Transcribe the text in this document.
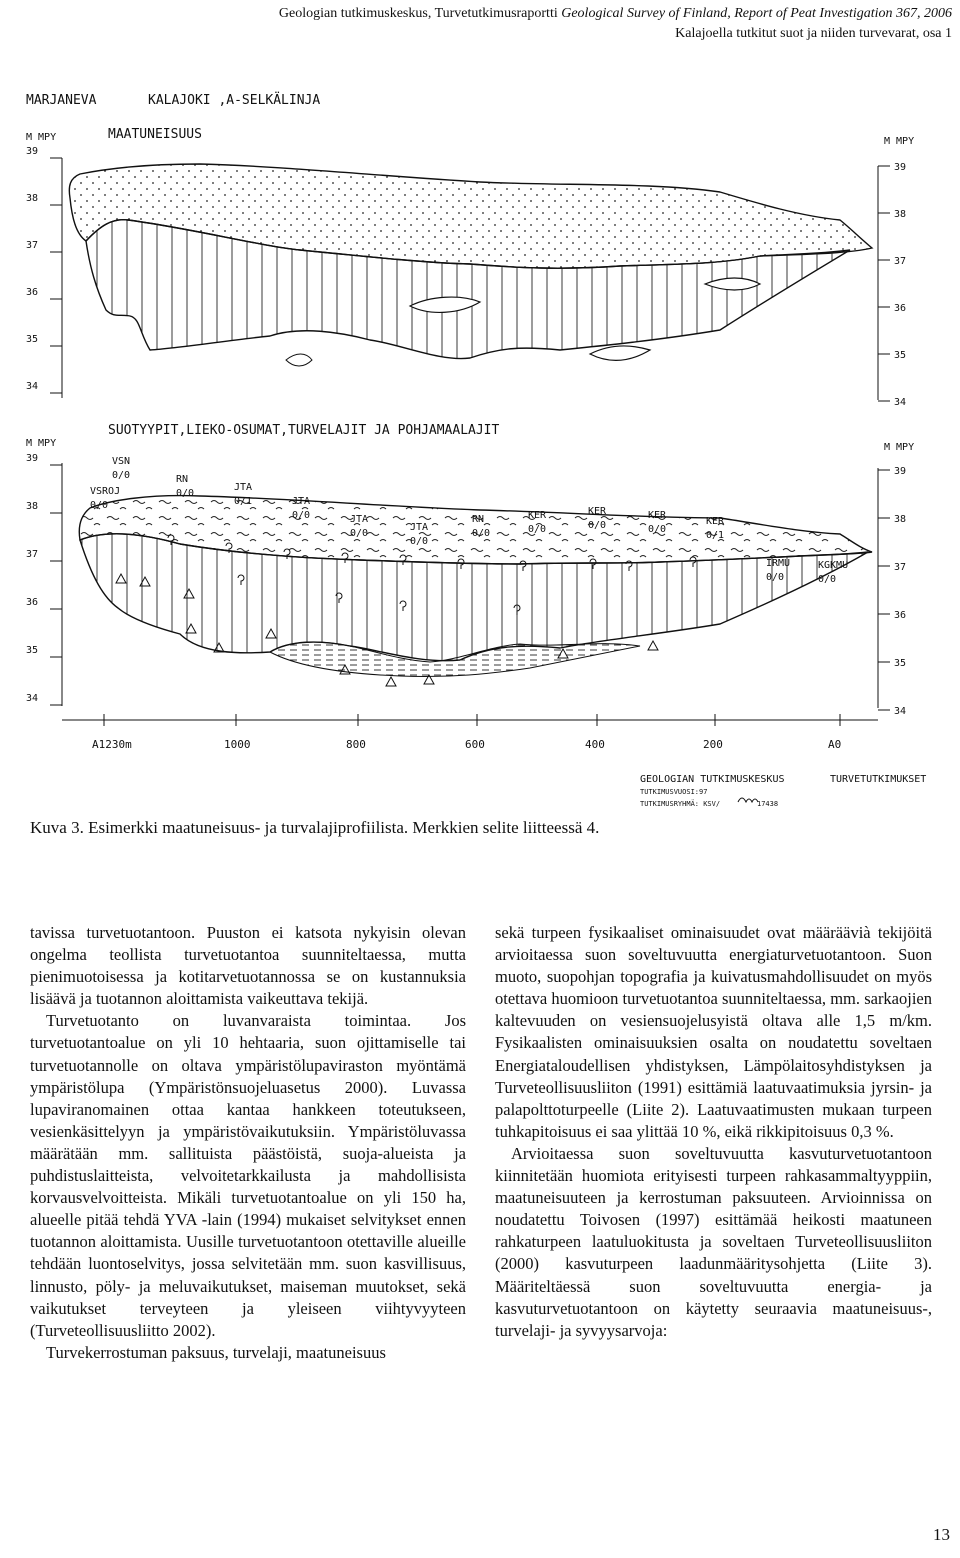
Geologian tutkimuskeskus, Turvetutkimusraportti Geological Survey of Finland, Report of Peat Investigation 367, 2006
Kalajoella tutkitut suot ja niiden turvevarat, osa 1
MARJANEVA	KALAJOKI ,A-SELKÄLINJA
MAATUNEISUUS
SUOTYYPIT,LIEKO-OSUMAT,TURVELAJIT JA POHJAMAALAJIT
M MPY	M MPY
M MPY	M MPY
39
39
38
38
37
37
36
36
35
35
34
34
39
39
38
38
37
37
36
36
35
35
34
34
A1230m	1000	800	600	400	200	A0
VSN
0/0
VSROJ
0/0
RN
0/0
JTA
0/1	JTA
0/0	JTA
0/0
JTA
0/0
RN
0/0
KER
0/0
KER
0/0
KER
0/0
KER
0/1
IRMU
0/0
KGKMU
0/0
GEOLOGIAN TUTKIMUSKESKUS	TURVETUTKIMUKSET
TUTKIMUSVUOSI:97
TUTKIMUSRYHMÄ: KSV/	17438
Kuva 3. Esimerkki maatuneisuus- ja turvalajiprofiilista. Merkkien selite liitteessä 4.

tavissa turvetuotantoon. Puuston ei katsota nykyisin olevan ongelma teollista turvetuotantoa suunniteltaessa, mutta pienimuotoisessa ja kotitarvetuotannossa se on kustannuksia lisäävä ja tuotannon aloittamista vaikeuttava tekijä.

Turvetuotanto on luvanvaraista toimintaa. Jos turvetuotantoalue on yli 10 hehtaaria, suon ojittamiselle tai turvetuotannolle on oltava ympäristölupaviraston myöntämä ympäristölupa (Ympäristönsuojeluasetus 2000). Luvassa lupaviranomainen ottaa kantaa hankkeen toteutukseen, vesienkäsittelyyn ja ympäristövaikutuksiin. Ympäristöluvassa määrätään mm. sallituista päästöistä, suoja-alueista ja puhdistuslaitteista, velvoitetarkkailusta ja mahdollisista korvausvelvoitteista. Mikäli turvetuotantoalue on yli 150 ha, alueelle pitää tehdä YVA -lain (1994) mukaiset selvitykset ennen tuotannon aloittamista. Uusille turvetuotantoon otettaville alueille tehdään luontoselvitys, jossa selvitetään mm. suon kasvillisuus, linnusto, pöly- ja meluvaikutukset, maiseman muutokset, sekä vaikutukset terveyteen ja yleiseen viihtyvyyteen (Turveteollisuusliitto 2002).

Turvekerrostuman paksuus, turvelaji, maatuneisuus

sekä turpeen fysikaaliset ominaisuudet ovat määräävià tekijöitä arvioitaessa suon soveltuvuutta energiaturvetuotantoon. Suon muoto, suopohjan topografia ja kuivatusmahdollisuudet on myös otettava huomioon turvetuotantoa suunniteltaessa, mm. sarkaojien kaltevuuden on vesiensuojelusyistä oltava alle 1,5 m/km. Fysikaalisten ominaisuuksien osalta on noudatettu soveltaen Energiataloudellisen yhdistyksen, Lämpölaitosyhdistyksen ja Turveteollisuusliiton (1991) esittämiä laatuvaatimuksia jyrsin- ja palapolttoturpeelle (Liite 2). Laatuvaatimusten mukaan turpeen tuhkapitoisuus ei saa ylittää 10 %, eikä rikkipitoisuus 0,3 %.

Arvioitaessa suon soveltuvuutta kasvuturvetuotantoon kiinnitetään huomiota erityisesti turpeen rahkasammaltyyppiin, maatuneisuuteen ja kerrostuman paksuuteen. Arvioinnissa on noudatettu Toivosen (1997) esittämää heikosti maatuneen rahkaturpeen laatuluokitusta ja soveltaen Turveteollisuusliiton (2000) kasvuturpeen laadunmääritysohjetta (Liite 3). Määriteltäessä suon soveltuvuutta energia- ja kasvuturvetuotantoon on käytetty seuraavia maatuneisuus-, turvelaji- ja syvyysarvoja:

13
